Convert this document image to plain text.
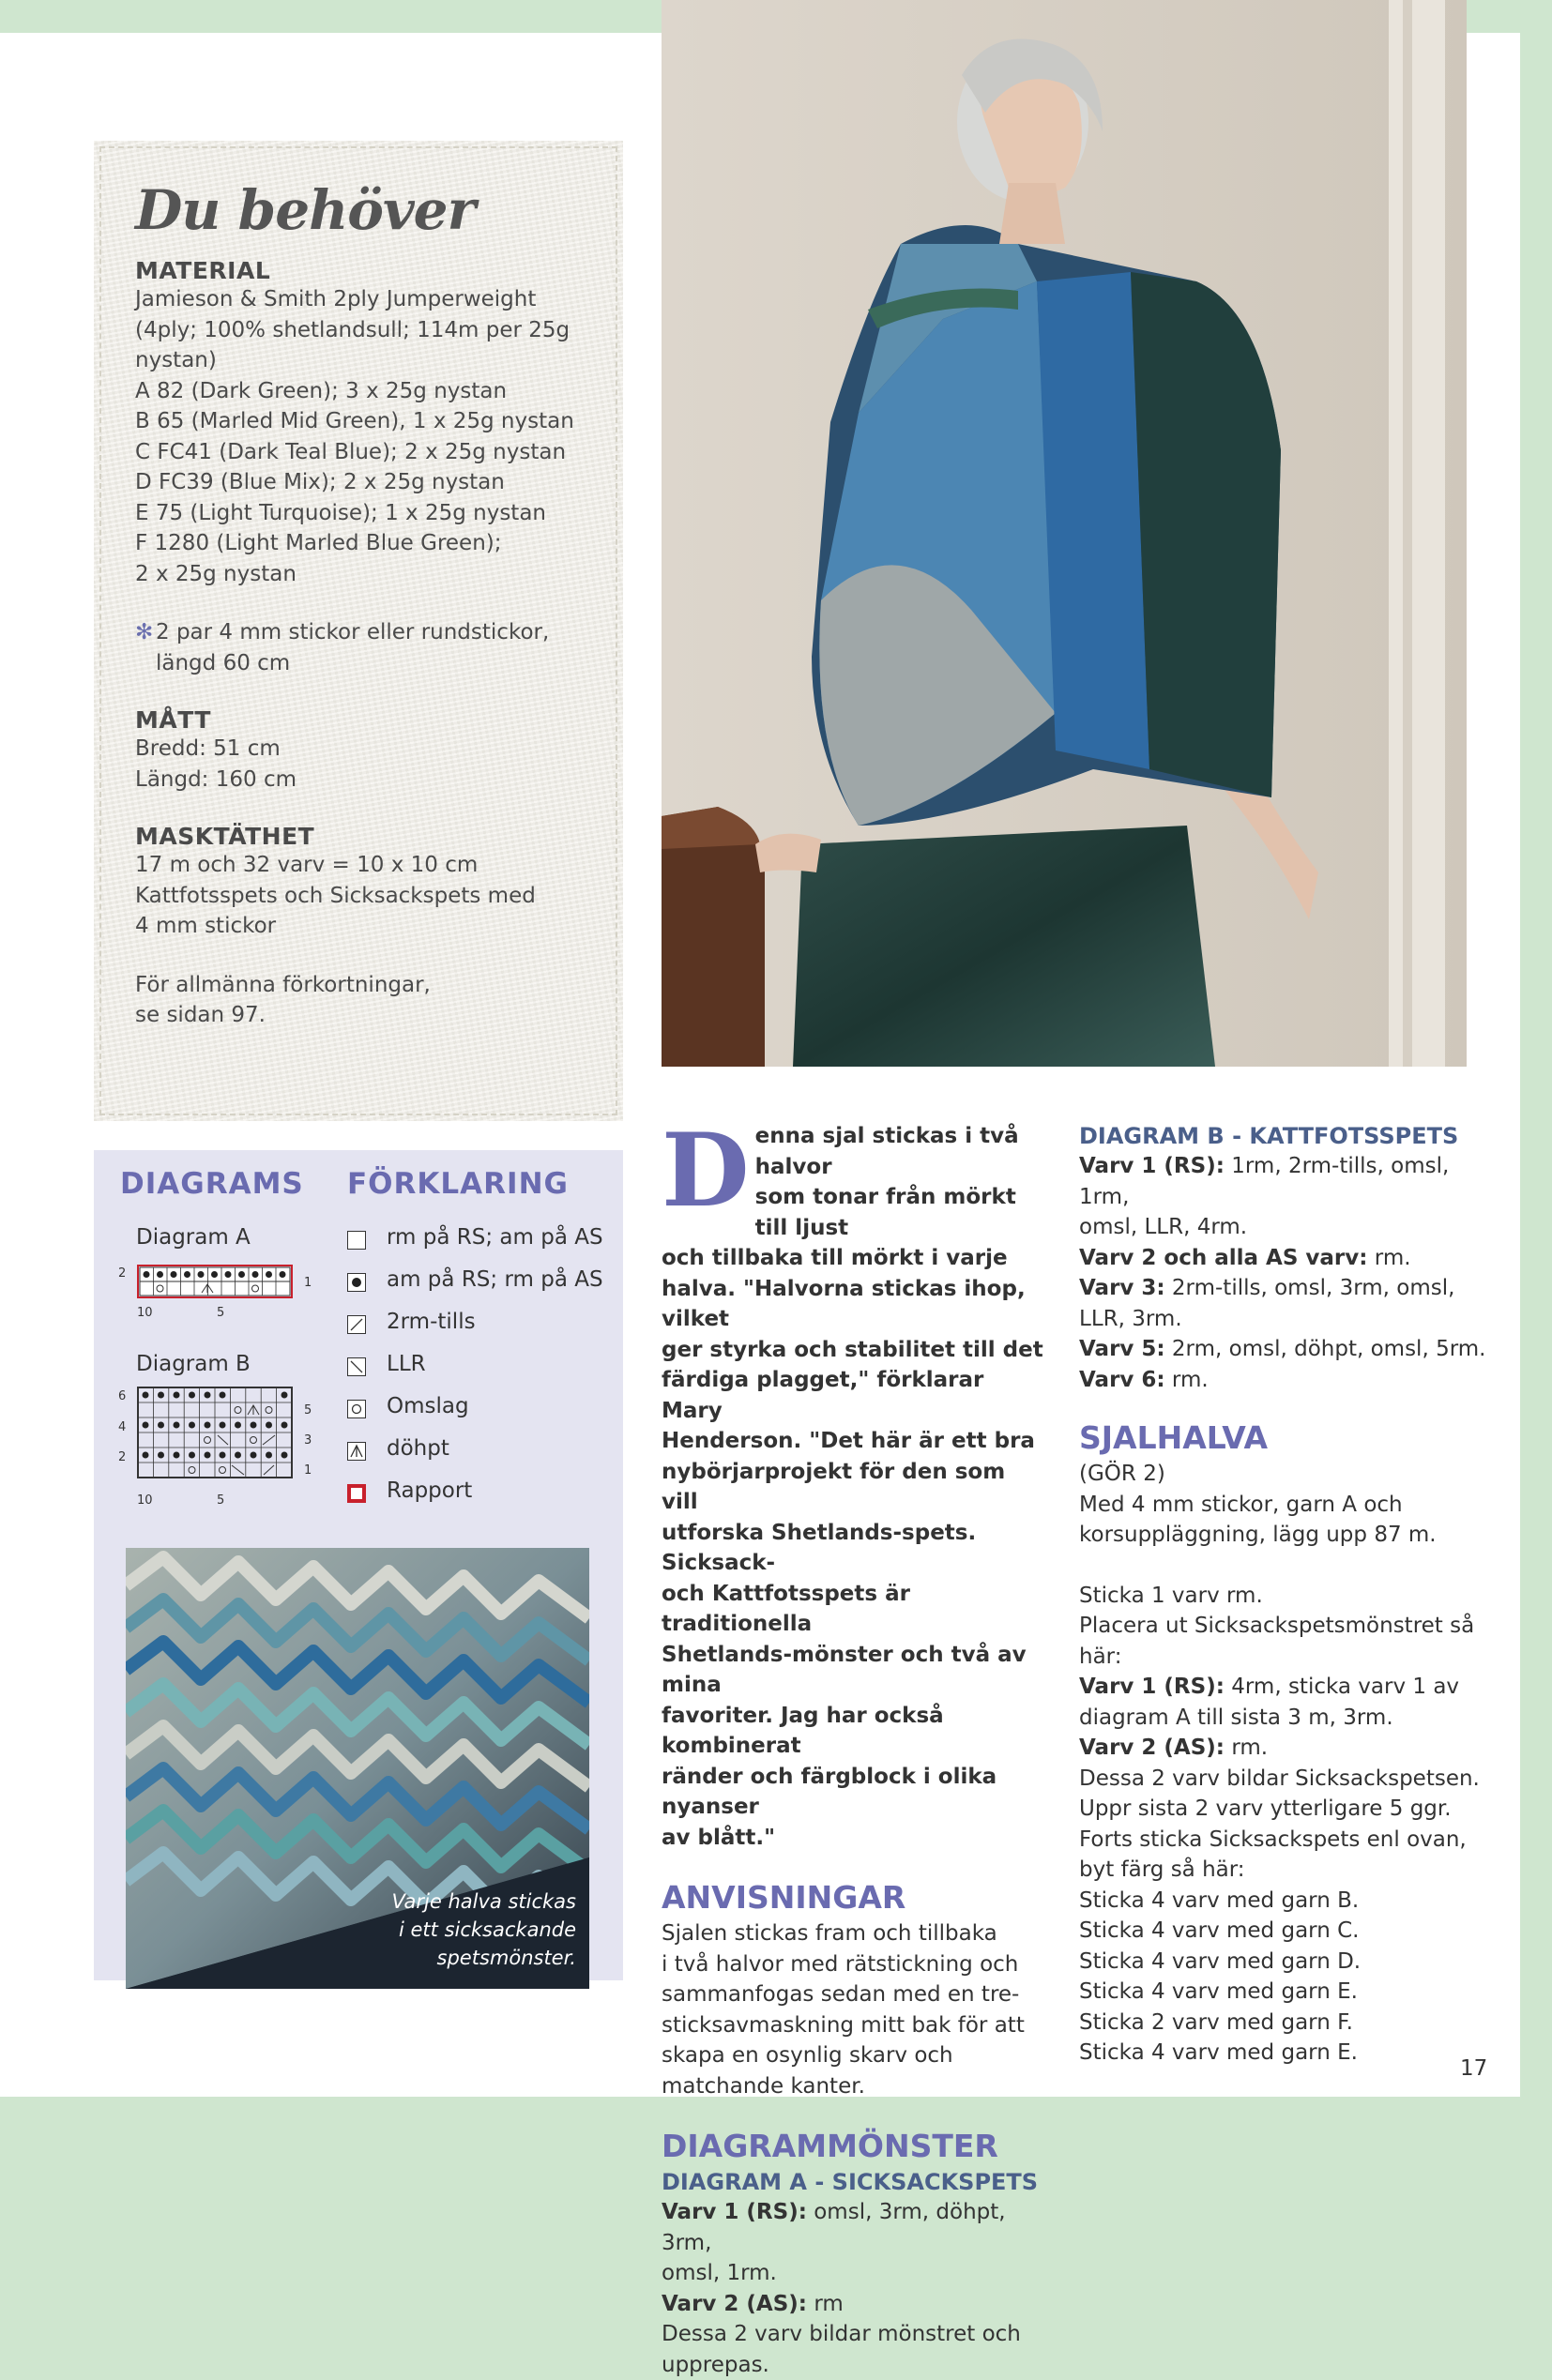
Du behöver
MATERIAL

Jamieson & Smith 2ply Jumperweight

(4ply; 100% shetlandsull; 114m per 25g

nystan)

A 82 (Dark Green); 3 x 25g nystan

B 65 (Marled Mid Green), 1 x 25g nystan

C FC41 (Dark Teal Blue); 2 x 25g nystan

D FC39 (Blue Mix); 2 x 25g nystan

E 75 (Light Turquoise); 1 x 25g nystan

F 1280 (Light Marled Blue Green);

2 x 25g nystan

✻ 2 par 4 mm stickor eller rundstickor,

längd 60 cm

MÅTT

Bredd: 51 cm

Längd: 160 cm

MASKTÄTHET

17 m och 32 varv = 10 x 10 cm

Kattfotsspets och Sicksackspets med

4 mm stickor

För allmänna förkortningar,

se sidan 97.

DIAGRAMS FÖRKLARING
Diagram A
2
1
10	5
Diagram B
6
4
2
5
3
1
10	5
rm på RS; am på AS
am på RS; rm på AS
2rm-tills
LLR
Omslag
döhpt
Rapport
Varje halva stickas
i ett sicksackande
spetsmönster.
D enna sjal stickas i två halvor

som tonar från mörkt till ljust

och tillbaka till mörkt i varje

halva. "Halvorna stickas ihop, vilket

ger styrka och stabilitet till det

färdiga plagget," förklarar Mary

Henderson. "Det här är ett bra

nybörjarprojekt för den som vill

utforska Shetlands-spets. Sicksack-

och Kattfotsspets är traditionella

Shetlands-mönster och två av mina

favoriter. Jag har också kombinerat

ränder och färgblock i olika nyanser

av blått."

ANVISNINGAR

Sjalen stickas fram och tillbaka

i två halvor med rätstickning och

sammanfogas sedan med en tre-

sticksavmaskning mitt bak för att

skapa en osynlig skarv och

matchande kanter.

DIAGRAMMÖNSTER
DIAGRAM A - SICKSACKSPETS

Varv 1 (RS): omsl, 3rm, döhpt, 3rm,

omsl, 1rm.

Varv 2 (AS): rm

Dessa 2 varv bildar mönstret och

upprepas.

DIAGRAM B - KATTFOTSSPETS

Varv 1 (RS): 1rm, 2rm-tills, omsl, 1rm,

omsl, LLR, 4rm.

Varv 2 och alla AS varv: rm.

Varv 3: 2rm-tills, omsl, 3rm, omsl,

LLR, 3rm.

Varv 5: 2rm, omsl, döhpt, omsl, 5rm.

Varv 6: rm.

SJALHALVA

(GÖR 2)

Med 4 mm stickor, garn A och

korsuppläggning, lägg upp 87 m.

Sticka 1 varv rm.

Placera ut Sicksackspetsmönstret så

här:

Varv 1 (RS): 4rm, sticka varv 1 av

diagram A till sista 3 m, 3rm.

Varv 2 (AS): rm.

Dessa 2 varv bildar Sicksackspetsen.

Uppr sista 2 varv ytterligare 5 ggr.

Forts sticka Sicksackspets enl ovan,

byt färg så här:

Sticka 4 varv med garn B.

Sticka 4 varv med garn C.

Sticka 4 varv med garn D.

Sticka 4 varv med garn E.

Sticka 2 varv med garn F.

Sticka 4 varv med garn E.

17
